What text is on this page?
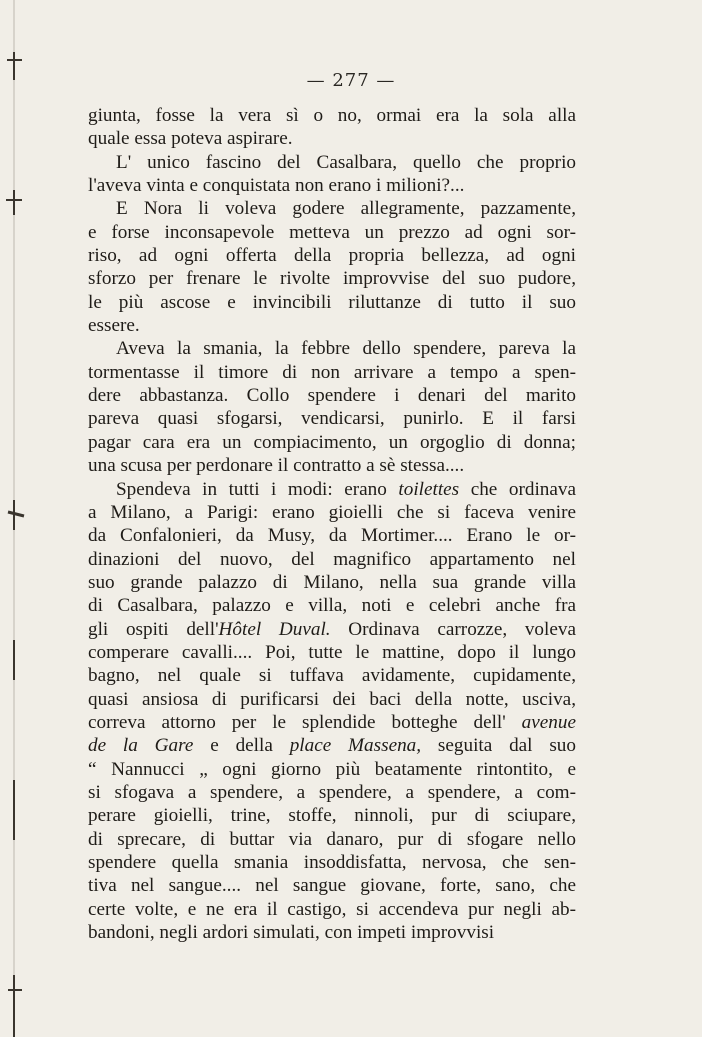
— 277 —
giunta, fosse la vera sì o no, ormai era la sola alla
quale essa poteva aspirare.
L' unico fascino del Casalbara, quello che proprio
l'aveva vinta e conquistata non erano i milioni?...
E Nora li voleva godere allegramente, pazzamente,
e forse inconsapevole metteva un prezzo ad ogni sor-
riso, ad ogni offerta della propria bellezza, ad ogni
sforzo per frenare le rivolte improvvise del suo pudore,
le più ascose e invincibili riluttanze di tutto il suo
essere.
Aveva la smania, la febbre dello spendere, pareva la
tormentasse il timore di non arrivare a tempo a spen-
dere abbastanza. Collo spendere i denari del marito
pareva quasi sfogarsi, vendicarsi, punirlo. E il farsi
pagar cara era un compiacimento, un orgoglio di donna;
una scusa per perdonare il contratto a sè stessa....
Spendeva in tutti i modi: erano toilettes che ordinava
a Milano, a Parigi: erano gioielli che si faceva venire
da Confalonieri, da Musy, da Mortimer.... Erano le or-
dinazioni del nuovo, del magnifico appartamento nel
suo grande palazzo di Milano, nella sua grande villa
di Casalbara, palazzo e villa, noti e celebri anche fra
gli ospiti dell'Hôtel Duval. Ordinava carrozze, voleva
comperare cavalli.... Poi, tutte le mattine, dopo il lungo
bagno, nel quale si tuffava avidamente, cupidamente,
quasi ansiosa di purificarsi dei baci della notte, usciva,
correva attorno per le splendide botteghe dell' avenue
de la Gare e della place Massena, seguita dal suo
“ Nannucci „ ogni giorno più beatamente rintontito, e
si sfogava a spendere, a spendere, a spendere, a com-
perare gioielli, trine, stoffe, ninnoli, pur di sciupare,
di sprecare, di buttar via danaro, pur di sfogare nello
spendere quella smania insoddisfatta, nervosa, che sen-
tiva nel sangue.... nel sangue giovane, forte, sano, che
certe volte, e ne era il castigo, si accendeva pur negli ab-
bandoni, negli ardori simulati, con impeti improvvisi
